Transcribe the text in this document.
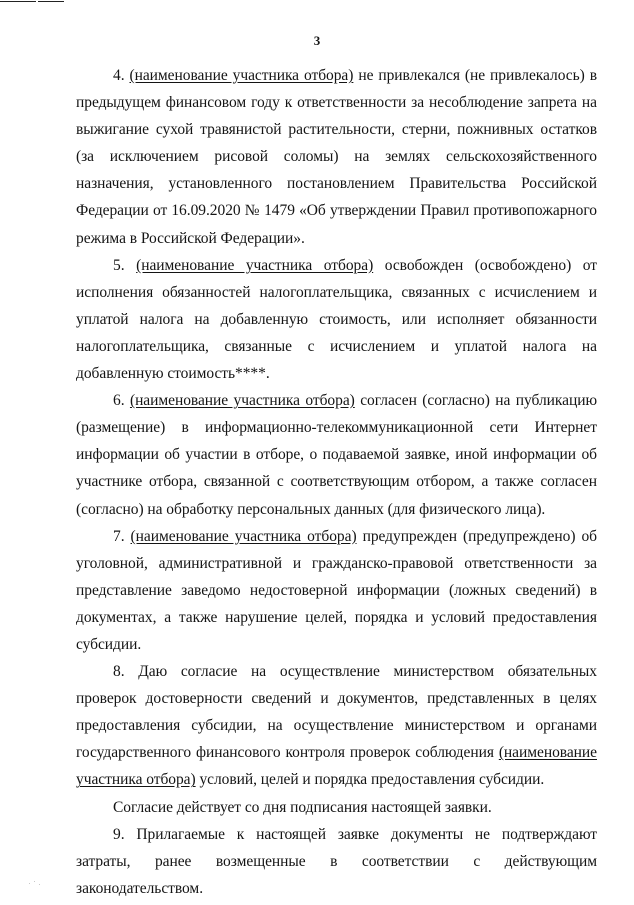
3

4. (наименование участника отбора) не привлекался (не привлекалось) в предыдущем финансовом году к ответственности за несоблюдение запрета на выжигание сухой травянистой растительности, стерни, пожнивных остатков (за исключением рисовой соломы) на землях сельскохозяйственного назначения, установленного постановлением Правительства Российской Федерации от 16.09.2020 № 1479 «Об утверждении Правил противопожарного режима в Российской Федерации».

5. (наименование участника отбора) освобожден (освобождено) от исполнения обязанностей налогоплательщика, связанных с исчислением и уплатой налога на добавленную стоимость, или исполняет обязанности налогоплательщика, связанные с исчислением и уплатой налога на добавленную стоимость****.

6. (наименование участника отбора) согласен (согласно) на публикацию (размещение) в информационно-телекоммуникационной сети Интернет информации об участии в отборе, о подаваемой заявке, иной информации об участнике отбора, связанной с соответствующим отбором, а также согласен (согласно) на обработку персональных данных (для физического лица).

7. (наименование участника отбора) предупрежден (предупреждено) об уголовной, административной и гражданско-правовой ответственности за представление заведомо недостоверной информации (ложных сведений) в документах, а также нарушение целей, порядка и условий предоставления субсидии.

8. Даю согласие на осуществление министерством обязательных проверок достоверности сведений и документов, представленных в целях предоставления субсидии, на осуществление министерством и органами государственного финансового контроля проверок соблюдения (наименование участника отбора) условий, целей и порядка предоставления субсидии.

Согласие действует со дня подписания настоящей заявки.

9. Прилагаемые к настоящей заявке документы не подтверждают затраты, ранее возмещенные в соответствии с действующим законодательством.
